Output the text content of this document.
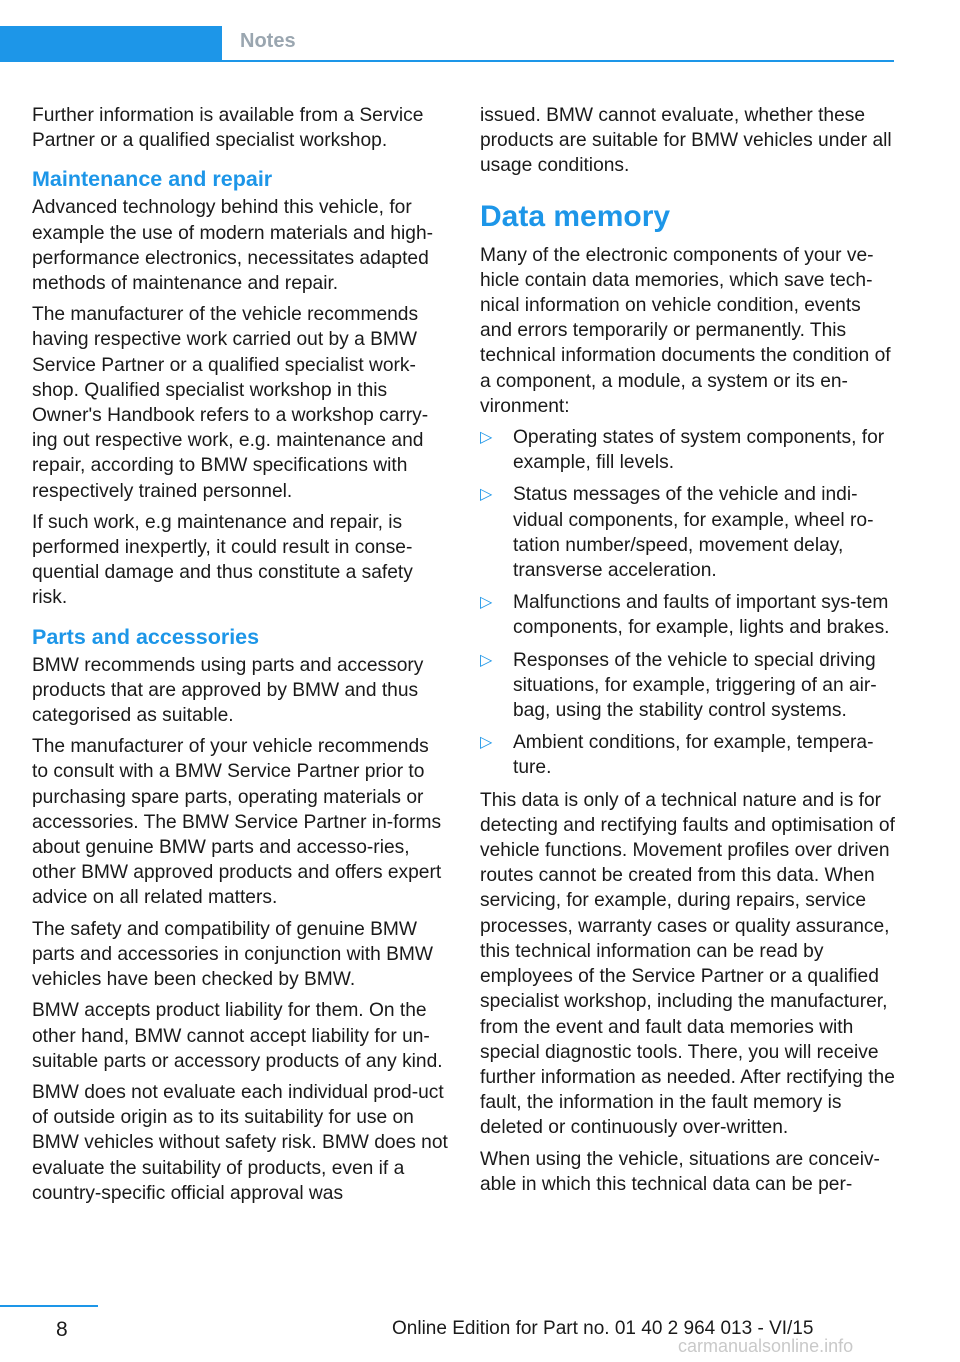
Notes

Further information is available from a Service Partner or a qualified specialist workshop.

Maintenance and repair

Advanced technology behind this vehicle, for example the use of modern materials and high-performance electronics, necessitates adapted methods of maintenance and repair.

The manufacturer of the vehicle recommends having respective work carried out by a BMW Service Partner or a qualified specialist work-shop. Qualified specialist workshop in this Owner's Handbook refers to a workshop carry-ing out respective work, e.g. maintenance and repair, according to BMW specifications with respectively trained personnel.

If such work, e.g maintenance and repair, is performed inexpertly, it could result in conse-quential damage and thus constitute a safety risk.

Parts and accessories

BMW recommends using parts and accessory products that are approved by BMW and thus categorised as suitable.

The manufacturer of your vehicle recommends to consult with a BMW Service Partner prior to purchasing spare parts, operating materials or accessories. The BMW Service Partner in-forms about genuine BMW parts and accesso-ries, other BMW approved products and offers expert advice on all related matters.

The safety and compatibility of genuine BMW parts and accessories in conjunction with BMW vehicles have been checked by BMW.

BMW accepts product liability for them. On the other hand, BMW cannot accept liability for un-suitable parts or accessory products of any kind.

BMW does not evaluate each individual prod-uct of outside origin as to its suitability for use on BMW vehicles without safety risk. BMW does not evaluate the suitability of products, even if a country-specific official approval was

issued. BMW cannot evaluate, whether these products are suitable for BMW vehicles under all usage conditions.

Data memory

Many of the electronic components of your ve-hicle contain data memories, which save tech-nical information on vehicle condition, events and errors temporarily or permanently. This technical information documents the condition of a component, a module, a system or its en-vironment:

▷ Operating states of system components, for example, fill levels.
▷ Status messages of the vehicle and indi-vidual components, for example, wheel ro-tation number/speed, movement delay, transverse acceleration.
▷ Malfunctions and faults of important sys-tem components, for example, lights and brakes.
▷ Responses of the vehicle to special driving situations, for example, triggering of an air-bag, using the stability control systems.
▷ Ambient conditions, for example, tempera-ture.

This data is only of a technical nature and is for detecting and rectifying faults and optimisation of vehicle functions. Movement profiles over driven routes cannot be created from this data. When servicing, for example, during repairs, service processes, warranty cases or quality assurance, this technical information can be read by employees of the Service Partner or a qualified specialist workshop, including the manufacturer, from the event and fault data memories with special diagnostic tools. There, you will receive further information as needed. After rectifying the fault, the information in the fault memory is deleted or continuously over-written.

When using the vehicle, situations are conceiv-able in which this technical data can be per-

8	Online Edition for Part no. 01 40 2 964 013 - VI/15
carmanualsonline.info
